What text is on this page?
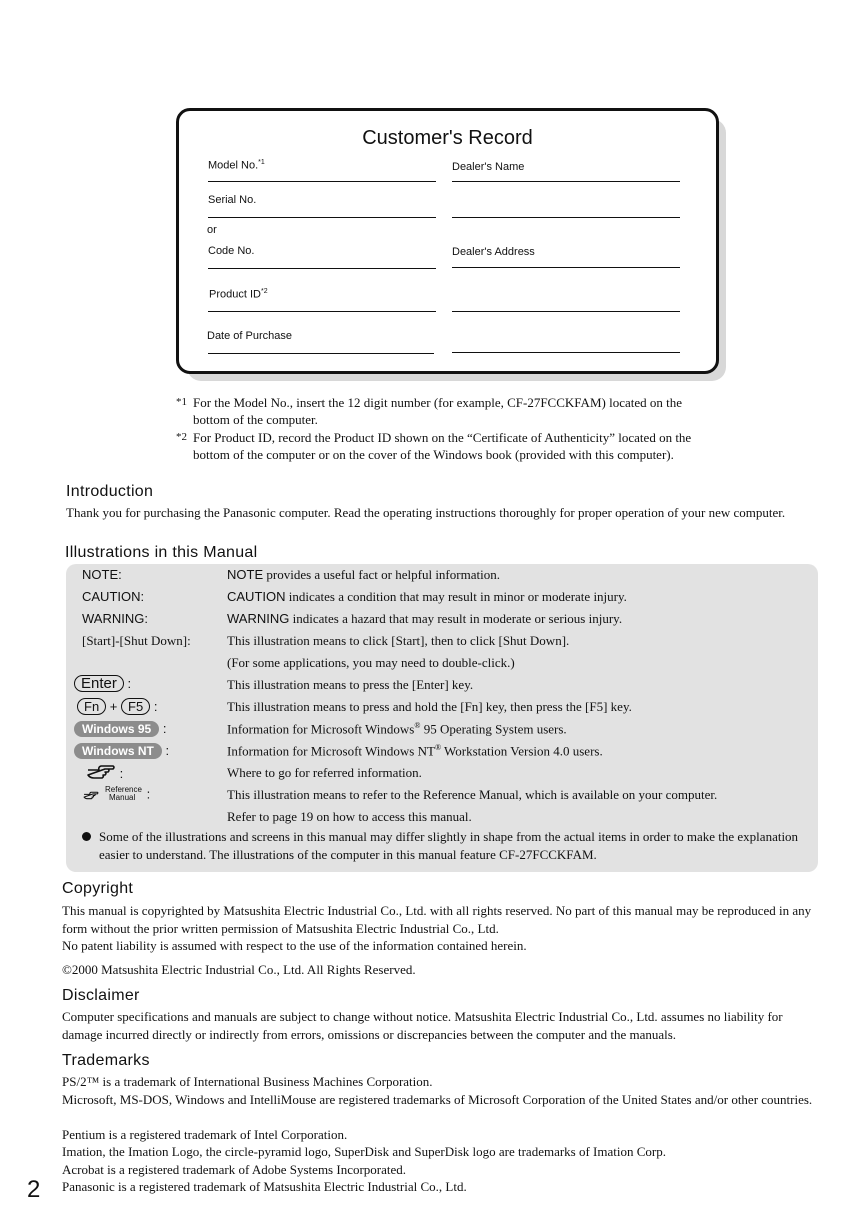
Customer's Record
Model No.$^{*1}$	Dealer's Name
Serial No.
or
Code No.	Dealer's Address
Product ID$^{*2}$
Date of Purchase
*1 For the Model No., insert the 12 digit number (for example, CF-27FCCKFAM) located on the bottom of the computer.
*2 For Product ID, record the Product ID shown on the “Certificate of Authenticity” located on the bottom of the computer or on the cover of the Windows book (provided with this computer).
Introduction
Thank you for purchasing the Panasonic computer. Read the operating instructions thoroughly for proper operation of your new computer.
Illustrations in this Manual
NOTE:	NOTE provides a useful fact or helpful information.
CAUTION:	CAUTION indicates a condition that may result in minor or moderate injury.
WARNING:	WARNING indicates a hazard that may result in moderate or serious injury.
[Start]-[Shut Down]:	This illustration means to click [Start], then to click [Shut Down].
(For some applications, you may need to double-click.)
Enter :	This illustration means to press the [Enter] key.
Fn + F5 :	This illustration means to press and hold the [Fn] key, then press the [F5] key.
Windows 95 :	Information for Microsoft Windows® 95 Operating System users.
Windows NT :	Information for Microsoft Windows NT® Workstation Version 4.0 users.
:	Where to go for referred information.
Reference
Manual :	This illustration means to refer to the Reference Manual, which is available on your computer.
Refer to page 19 on how to access this manual.
Some of the illustrations and screens in this manual may differ slightly in shape from the actual items in order to make the explanation easier to understand. The illustrations of the computer in this manual feature CF-27FCCKFAM.
Copyright
This manual is copyrighted by Matsushita Electric Industrial Co., Ltd. with all rights reserved. No part of this manual may be reproduced in any form without the prior written permission of Matsushita Electric Industrial Co., Ltd.
No patent liability is assumed with respect to the use of the information contained herein.
©2000 Matsushita Electric Industrial Co., Ltd. All Rights Reserved.
Disclaimer
Computer specifications and manuals are subject to change without notice. Matsushita Electric Industrial Co., Ltd. assumes no liability for damage incurred directly or indirectly from errors, omissions or discrepancies between the computer and the manuals.
Trademarks
PS/2™ is a trademark of International Business Machines Corporation.
Microsoft, MS-DOS, Windows and IntelliMouse are registered trademarks of Microsoft Corporation of the United States and/or other countries.
Pentium is a registered trademark of Intel Corporation.
Imation, the Imation Logo, the circle-pyramid logo, SuperDisk and SuperDisk logo are trademarks of Imation Corp.
Acrobat is a registered trademark of Adobe Systems Incorporated.
Panasonic is a registered trademark of Matsushita Electric Industrial Co., Ltd.
2
